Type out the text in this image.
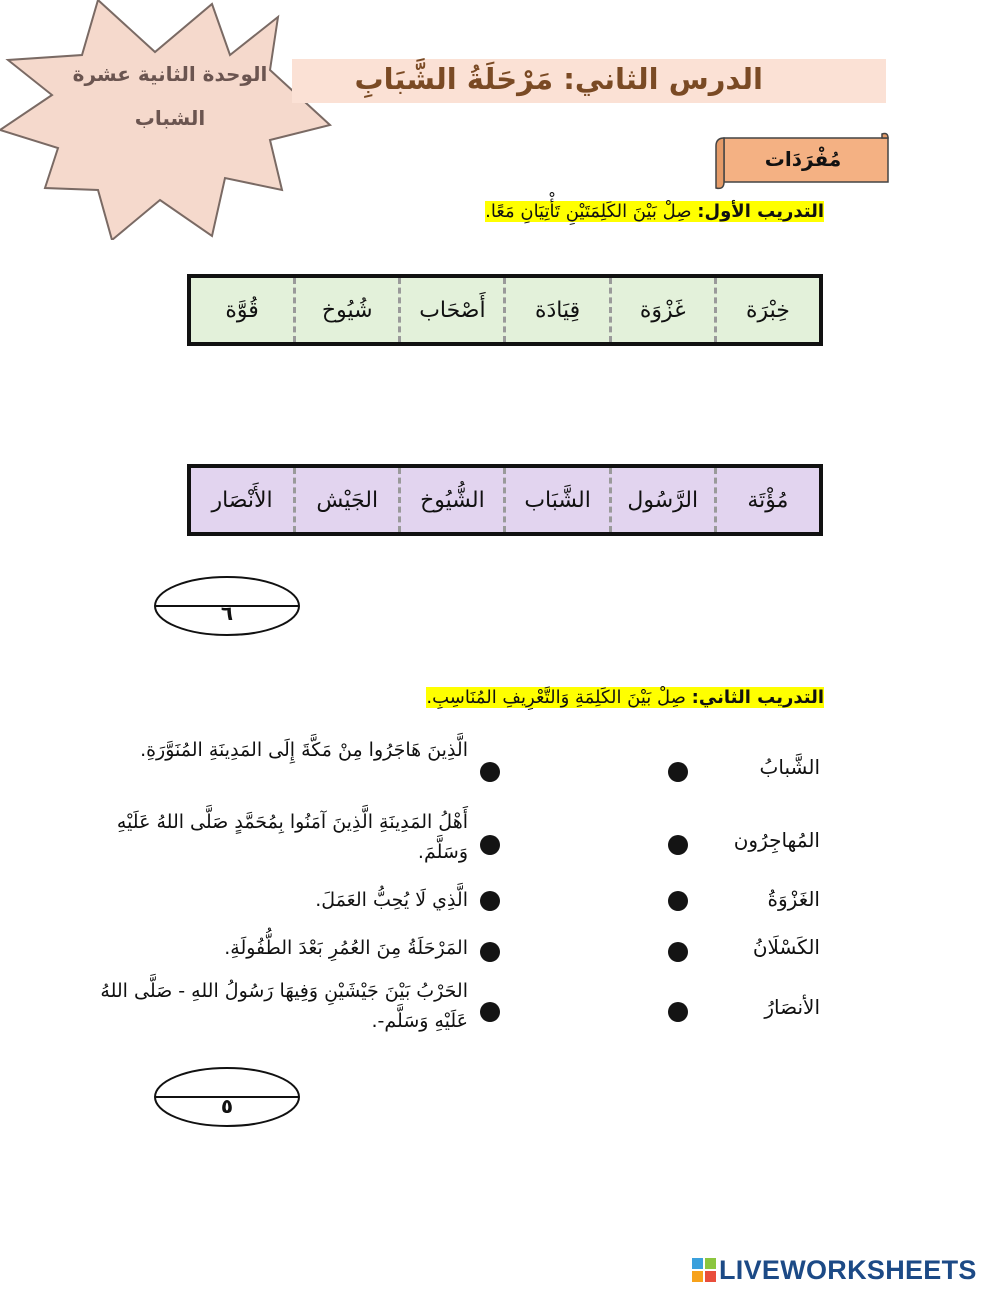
الوحدة الثانية عشرة
الشباب
الدرس الثاني: مَرْحَلَةُ الشَّبَابِ
مُفْرَدَات
التدريب الأول: صِلْ بَيْنَ الكَلِمَتَيْنِ تَأْتِيَانِ مَعًا.
خِبْرَة
غَزْوَة
قِيَادَة
أَصْحَاب
شُيُوخ
قُوَّة
مُؤْتَة
الرَّسُول
الشَّبَاب
الشُّيُوخ
الجَيْش
الأَنْصَار
٦
التدريب الثاني: صِلْ بَيْنَ الكَلِمَةِ وَالتَّعْرِيفِ المُنَاسِبِ.
الشَّبابُ
المُهاجِرُون
الغَزْوَةُ
الكَسْلَانُ
الأنصَارُ
الَّذِينَ هَاجَرُوا مِنْ مَكَّةَ إِلَى المَدِينَةِ المُنَوَّرَةِ.
أَهْلُ المَدِينَةِ الَّذِينَ آمَنُوا بِمُحَمَّدٍ صَلَّى اللهُ عَلَيْهِ وَسَلَّمَ.
الَّذِي لَا يُحِبُّ العَمَلَ.
المَرْحَلَةُ مِنَ العُمُرِ بَعْدَ الطُّفُولَةِ.
الحَرْبُ بَيْنَ جَيْشَيْنِ وَفِيهَا رَسُولُ اللهِ - صَلَّى اللهُ عَلَيْهِ وَسَلَّم-.
٥
LIVEWORKSHEETS
